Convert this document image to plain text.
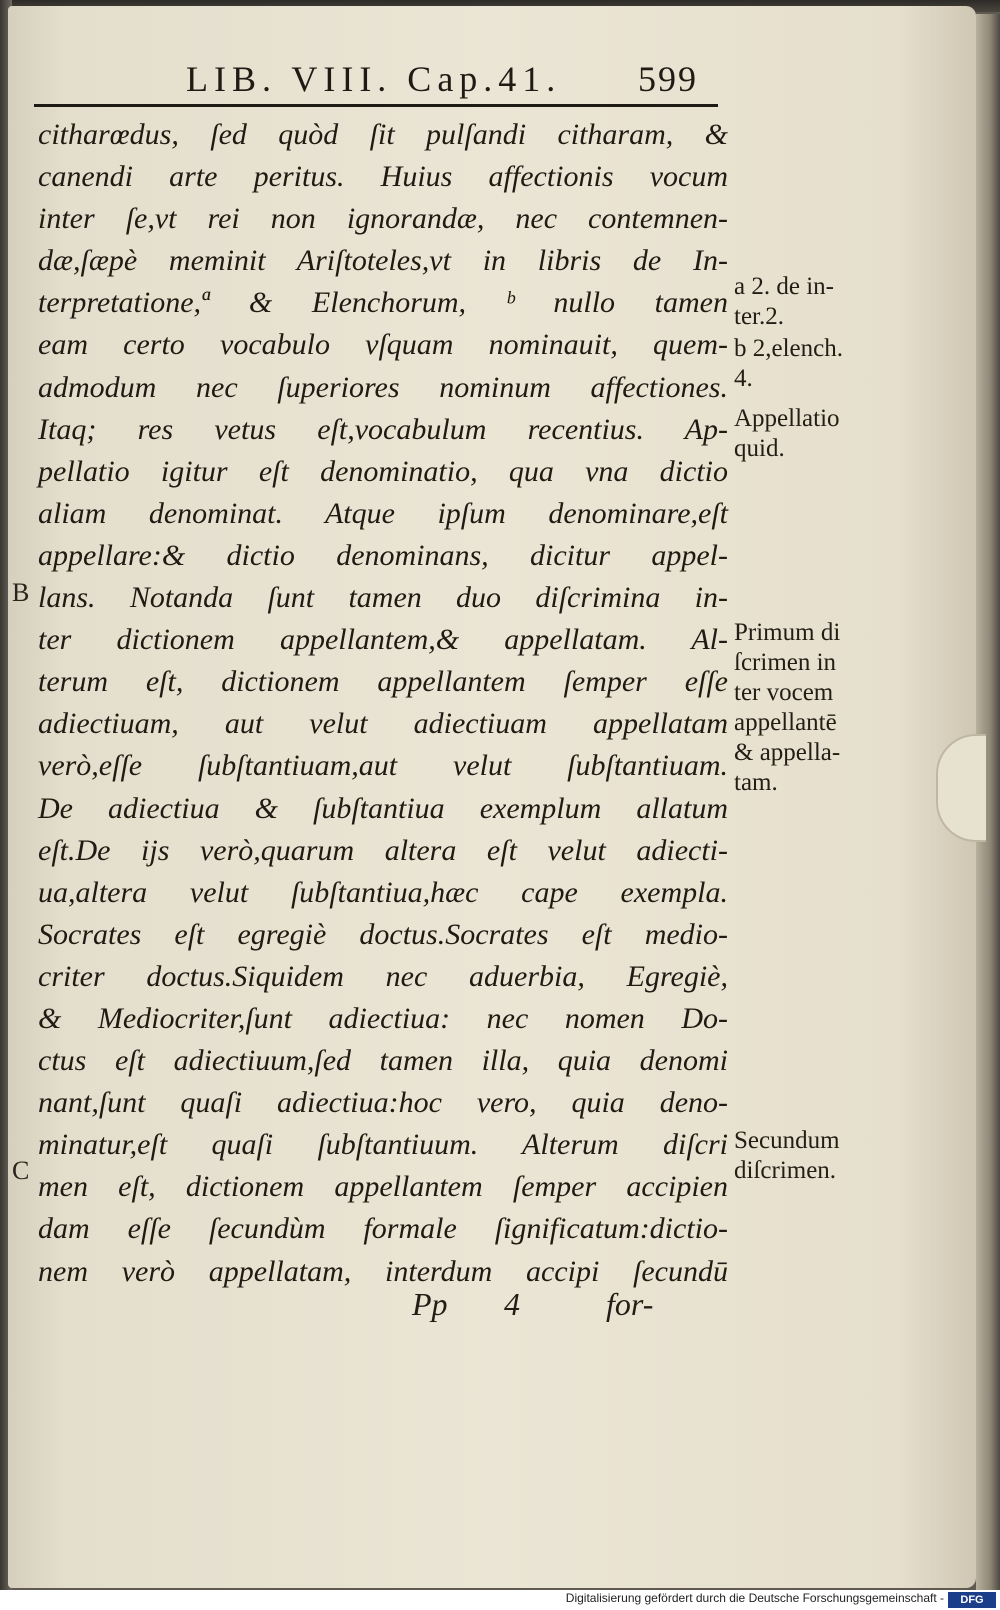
LIB. VIII. Cap.41. 599
citharœdus, ſed quòd ſit pulſandi citharam, &
canendi arte peritus. Huius affectionis vocum
inter ſe,vt rei non ignorandæ, nec contemnen-
dæ,ſæpè meminit Ariſtoteles,vt in libris de In-
terpretatione,ª & Elenchorum, ᵇ nullo tamen
eam certo vocabulo vſquam nominauit, quem-
admodum nec ſuperiores nominum affectiones.
Itaq; res vetus eſt,vocabulum recentius. Ap-
pellatio igitur eſt denominatio, qua vna dictio
aliam denominat. Atque ipſum denominare,eſt
appellare:& dictio denominans, dicitur appel-
lans. Notanda ſunt tamen duo diſcrimina in-
ter dictionem appellantem,& appellatam. Al-
terum eſt, dictionem appellantem ſemper eſſe
adiectiuam, aut velut adiectiuam appellatam
verò,eſſe ſubſtantiuam,aut velut ſubſtantiuam.
De adiectiua & ſubſtantiua exemplum allatum
eſt.De ijs verò,quarum altera eſt velut adiecti-
ua,altera velut ſubſtantiua,hæc cape exempla.
Socrates eſt egregiè doctus.Socrates eſt medio-
criter doctus.Siquidem nec aduerbia, Egregiè,
& Mediocriter,ſunt adiectiua: nec nomen Do-
ctus eſt adiectiuum,ſed tamen illa, quia denomi
nant,ſunt quaſi adiectiua:hoc vero, quia deno-
minatur,eſt quaſi ſubſtantiuum. Alterum diſcri
men eſt, dictionem appellantem ſemper accipien
dam eſſe ſecundùm formale ſignificatum:dictio-
nem verò appellatam, interdum accipi ſecundū
B
C
a 2. de in-
ter.2.
b 2,elench.
4.
Appellatio
quid.
Primum di
ſcrimen in
ter vocem
appellantē
& appella-
tam.
Secundum
diſcrimen.
Pp 4	for-
Digitalisierung gefördert durch die Deutsche Forschungsgemeinschaft -	DFG
